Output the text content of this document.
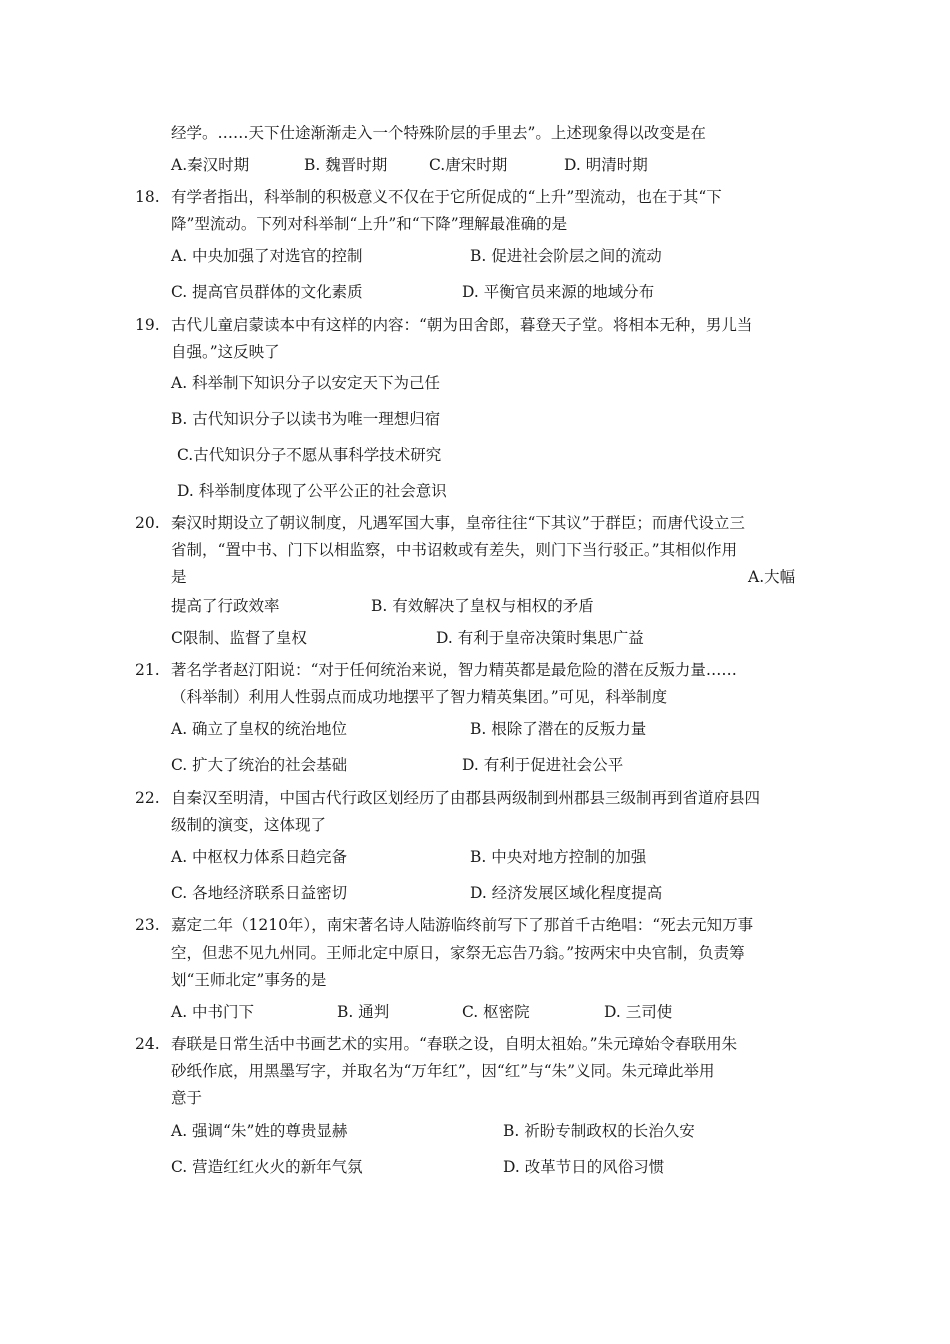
经学。……天下仕途渐渐走入一个特殊阶层的手里去”。上述现象得以改变是在
A.秦汉时期	B. 魏晋时期	C.唐宋时期	D. 明清时期
18. 有学者指出，科举制的积极意义不仅在于它所促成的“上升”型流动，也在于其“下
降”型流动。下列对科举制“上升”和“下降”理解最准确的是
A. 中央加强了对选官的控制	B. 促进社会阶层之间的流动
C. 提高官员群体的文化素质	D. 平衡官员来源的地域分布
19. 古代儿童启蒙读本中有这样的内容：“朝为田舍郎，暮登天子堂。将相本无种，男儿当
自强。”这反映了
A. 科举制下知识分子以安定天下为己任
B. 古代知识分子以读书为唯一理想归宿
C.古代知识分子不愿从事科学技术研究
D. 科举制度体现了公平公正的社会意识
20. 秦汉时期设立了朝议制度，凡遇军国大事，皇帝往往“下其议”于群臣；而唐代设立三
省制，“置中书、门下以相监察，中书诏敕或有差失，则门下当行驳正。”其相似作用
是	A.大幅
提高了行政效率	B. 有效解决了皇权与相权的矛盾
C限制、监督了皇权	D. 有利于皇帝决策时集思广益
21. 著名学者赵汀阳说：“对于任何统治来说，智力精英都是最危险的潜在反叛力量……
（科举制）利用人性弱点而成功地摆平了智力精英集团。”可见，科举制度
A. 确立了皇权的统治地位	B. 根除了潜在的反叛力量
C. 扩大了统治的社会基础	D. 有利于促进社会公平
22. 自秦汉至明清，中国古代行政区划经历了由郡县两级制到州郡县三级制再到省道府县四
级制的演变，这体现了
A. 中枢权力体系日趋完备	B. 中央对地方控制的加强
C. 各地经济联系日益密切	D. 经济发展区域化程度提高
23. 嘉定二年（1210年），南宋著名诗人陆游临终前写下了那首千古绝唱：“死去元知万事
空，但悲不见九州同。王师北定中原日，家祭无忘告乃翁。”按两宋中央官制，负责筹
划“王师北定”事务的是
A. 中书门下	B. 通判	C. 枢密院	D. 三司使
24. 春联是日常生活中书画艺术的实用。“春联之设，自明太祖始。”朱元璋始令春联用朱
砂纸作底，用黑墨写字，并取名为“万年红”，因“红”与“朱”义同。朱元璋此举用
意于
A. 强调“朱”姓的尊贵显赫	B. 祈盼专制政权的长治久安
C. 营造红红火火的新年气氛	D. 改革节日的风俗习惯
